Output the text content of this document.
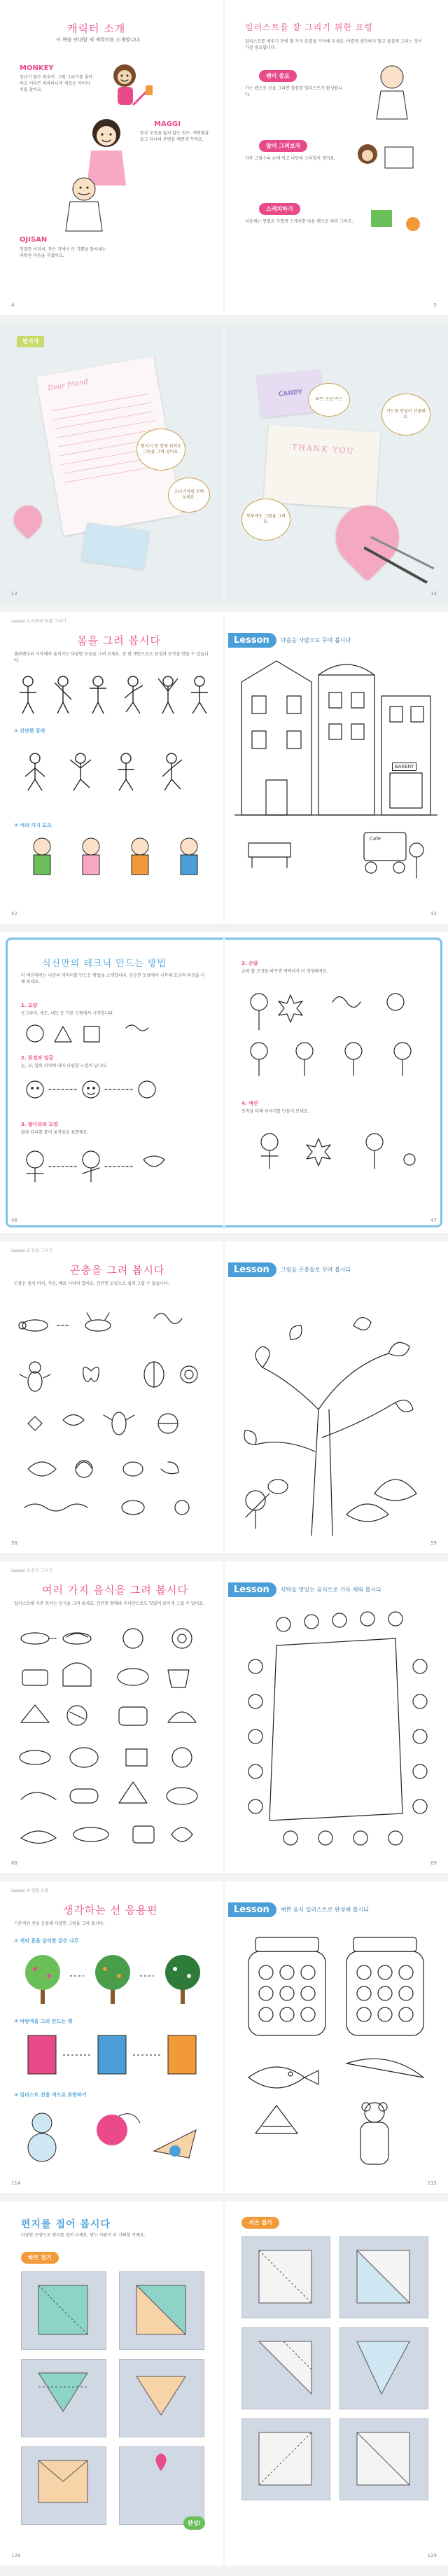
캐릭터 소개
이 책을 안내할 세 캐릭터를 소개합니다.
MONKEY
장난기 많은 원숭이. 그림 그리기를 좋아하고 어디든 따라다니며 새로운 아이디어를 찾아요.
MAGGI
항상 웃음을 잃지 않는 친구. 색연필을 들고 다니며 주변을 예쁘게 꾸며요.
OJISAN
친절한 아저씨. 작은 것에서 큰 기쁨을 찾아내는 따뜻한 마음을 가졌어요.
4
일러스트를 잘 그리기 위한 요령
일러스트를 배우기 전에 몇 가지 요령을 기억해 두세요. 어렵게 생각하지 말고 즐겁게 그리는 것이 가장 중요합니다.
펜이 중요
가는 펜으로 선을 그리면 깔끔한 일러스트가 완성됩니다.
많이 그려보자
자주 그릴수록 손에 익고 나만의 스타일이 생겨요.
스케치하기
처음에는 연필로 가볍게 스케치한 다음 펜으로 따라 그려요.
5
편지지
Dear friend
편지지 한 장에 귀여운 그림을 그려 넣어요.
스티커처럼 꾸며 보세요.
12
CANDY
THANK YOU
봉투에도 그림을 그려요.
카드를 만들어 선물해요.
하트 모양 카드
13
Lesson 1 사람과 동물 그리기
몸을 그려 봅시다
졸라맨부터 시작해서 움직이는 다양한 모습을 그려 보세요. 선 몇 개만으로도 표정과 동작을 만들 수 있습니다.
① 간단한 동작
② 여러 가지 포즈
42
Lesson	다음을 사람으로 꾸며 봅시다
BAKERY
Cafe
43
식신만의 테크닉 만드는 방법
이 섹션에서는 나만의 캐릭터를 만드는 방법을 소개합니다. 단순한 모양에서 시작해 조금씩 특징을 더해 보세요.
1. 모양
동그라미, 세모, 네모 등 기본 도형에서 시작합니다.
2. 표정과 얼굴
눈, 코, 입의 위치에 따라 다양한 느낌이 납니다.
3. 팔다리의 모양
팔과 다리를 붙여 움직임을 표현해요.
3. 손발
손과 발 모양을 바꾸면 캐릭터가 더 생생해져요.
4. 액션
동작을 더해 이야기를 만들어 보세요.
46	47
Lesson 2 동물 그리기
곤충을 그려 봅시다
곤충은 몸이 머리, 가슴, 배로 나뉘어 있어요. 간단한 모양으로 쉽게 그릴 수 있습니다.
58
Lesson	그림을 곤충들로 꾸며 봅시다
59
Lesson 3 음식 그리기
여러 가지 음식을 그려 봅시다
일러스트에 자주 쓰이는 음식을 그려 보세요. 간단한 형태와 무늬만으로도 맛있어 보이게 그릴 수 있어요.
68
Lesson	식탁을 맛있는 음식으로 가득 채워 봅시다
69
Lesson 4 생활 소품
생각하는 선 응용편
기본적인 선을 응용해 다양한 그림을 그려 봅시다.
① 색의 톤을 달리한 같은 나무
② 바탕색을 그려 만드는 책
③ 일러스트 전용 색으로 표현하기
114
Lesson	예쁜 음식 일러스트로 완성해 봅시다
115
편지를 접어 봅시다
다양한 모양으로 편지를 접어 보세요. 받는 사람이 더 기뻐할 거예요.
하트 접기
완성!
128
셔츠 접기
129
